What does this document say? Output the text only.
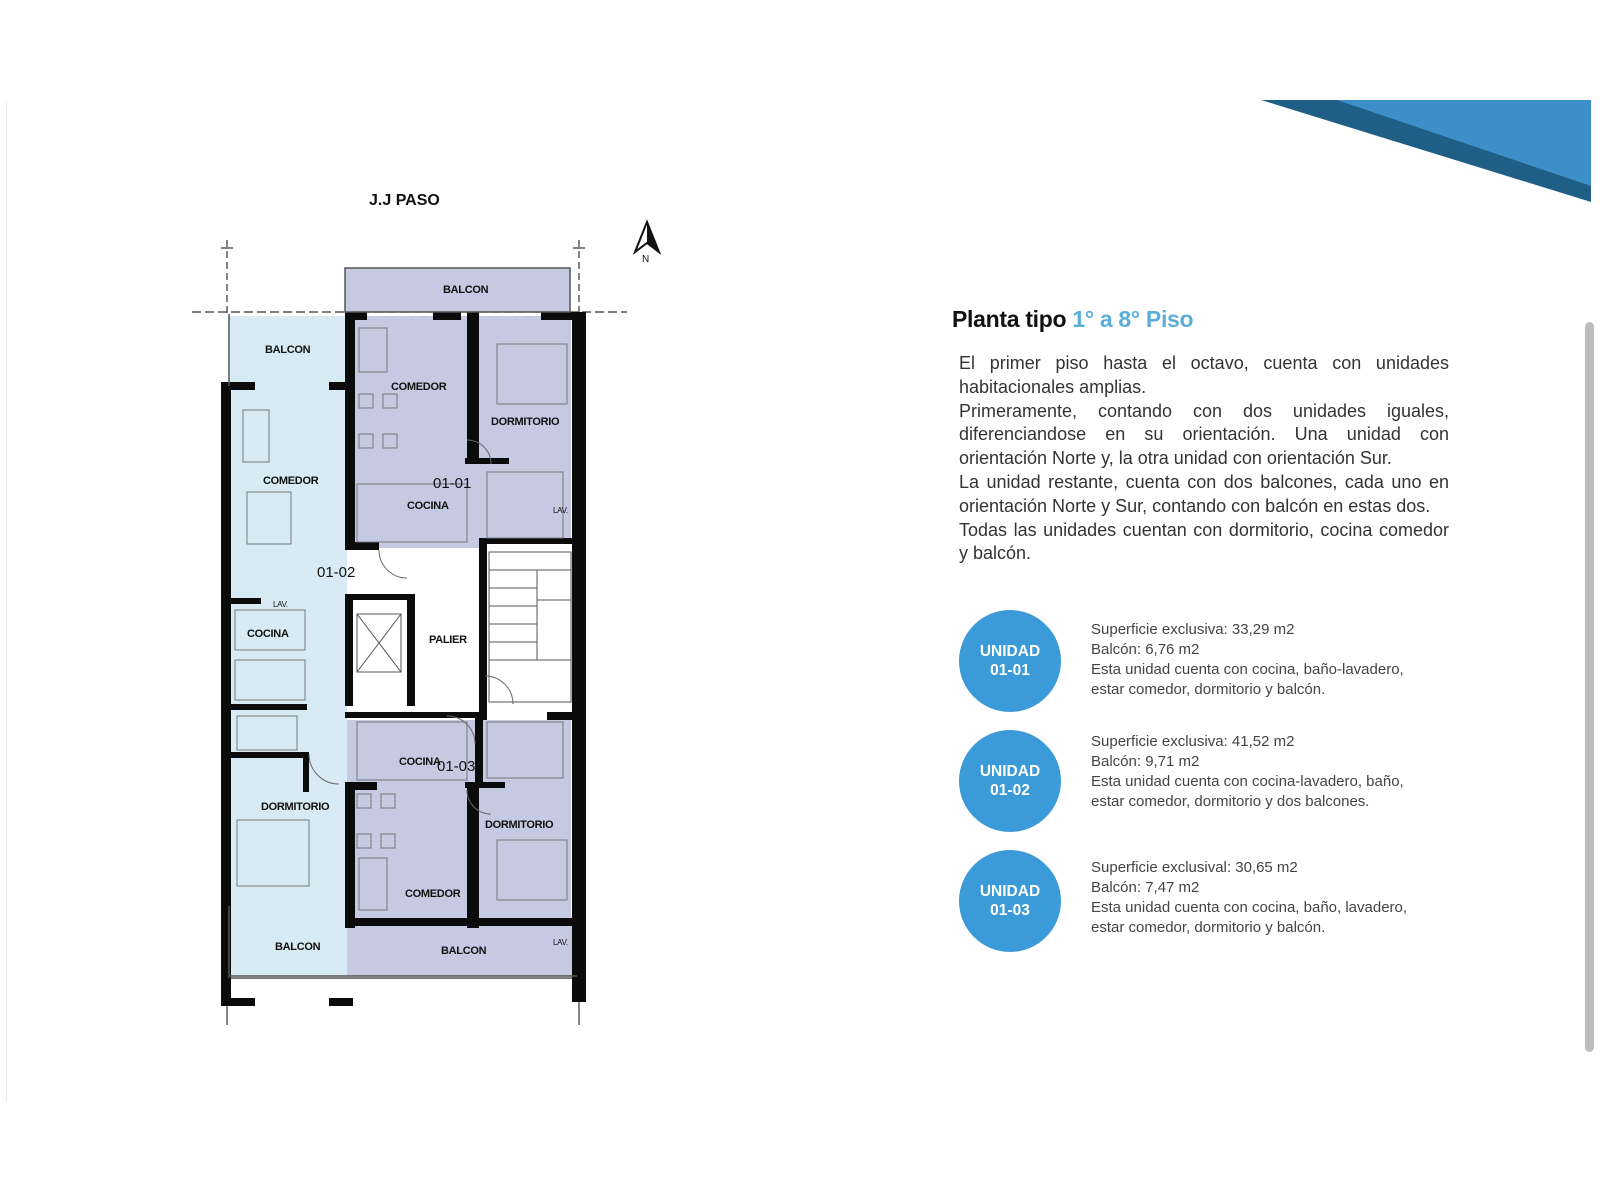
J.J PASO
N
BALCON
BALCON
COMEDOR
DORMITORIO
COCINA	LAV.
01-01
COMEDOR
01-02
LAV.
COCINA	PALIER
COCINA
01-03
DORMITORIO
DORMITORIO
COMEDOR
BALCON	BALCON
LAV.
Planta tipo 1° a 8° Piso

El primer piso hasta el octavo, cuenta con unidades habitacionales amplias.

Primeramente, contando con dos unidades iguales, diferenciandose en su orientación. Una unidad con orientación Norte y, la otra unidad con orientación Sur.

La unidad restante, cuenta con dos balcones, cada uno en orientación Norte y Sur, contando con balcón en estas dos.

Todas las unidades cuentan con dormitorio, cocina comedor y balcón.

UNIDAD
01-01
Superficie exclusiva: 33,29 m2
Balcón: 6,76 m2
Esta unidad cuenta con cocina, baño-lavadero, estar comedor, dormitorio y balcón.
UNIDAD
01-02
Superficie exclusiva: 41,52 m2
Balcón: 9,71 m2
Esta unidad cuenta con cocina-lavadero, baño, estar comedor, dormitorio y dos balcones.
UNIDAD
01-03
Superficie exclusival: 30,65 m2
Balcón: 7,47 m2
Esta unidad cuenta con cocina, baño, lavadero, estar comedor, dormitorio y balcón.
